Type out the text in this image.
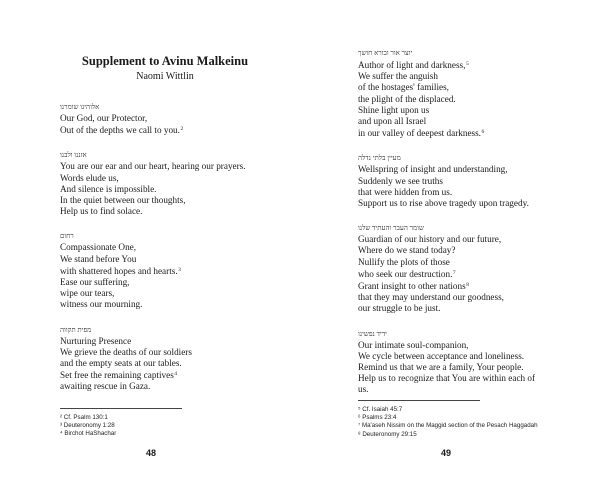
Supplement to Avinu Malkeinu
Naomi Wittlin
אלוהינו שומרנו
Our God, our Protector,
Out of the depths we call to you.$^2$
אזננו ולבנו
You are our ear and our heart, hearing our prayers.
Words elude us,
And silence is impossible.
In the quiet between our thoughts,
Help us to find solace.
רחום
Compassionate One,
We stand before You
with shattered hopes and hearts.$^3$
Ease our suffering,
wipe our tears,
witness our mourning.
מפית תקווה
Nurturing Presence
We grieve the deaths of our soldiers
and the empty seats at our tables.
Set free the remaining captives$^4$
awaiting rescue in Gaza.
יוצר אור ובורא חושך
Author of light and darkness,$^5$
We suffer the anguish
of the hostages' families,
the plight of the displaced.
Shine light upon us
and upon all Israel
in our valley of deepest darkness.$^6$
מעיין בלתי נדלה
Wellspring of insight and understanding,
Suddenly we see truths
that were hidden from us.
Support us to rise above tragedy upon tragedy.
שומר העבר והעתיד שלנו
Guardian of our history and our future,
Where do we stand today?
Nullify the plots of those
who seek our destruction.$^7$
Grant insight to other nations$^8$
that they may understand our goodness,
our struggle to be just.
ידיד נפשינו
Our intimate soul-companion,
We cycle between acceptance and loneliness.
Remind us that we are a family, Your people.
Help us to recognize that You are within each of
us.
² Cf. Psalm 130:1
³ Deuteronomy 1:28
⁴ Birchot HaShachar
48
⁵ Cf. Isaiah 45:7
⁶ Psalms 23:4
⁷ Ma'aseh Nissim on the Maggid section of the Pesach Haggadah
⁸ Deuteronomy 29:15
49
